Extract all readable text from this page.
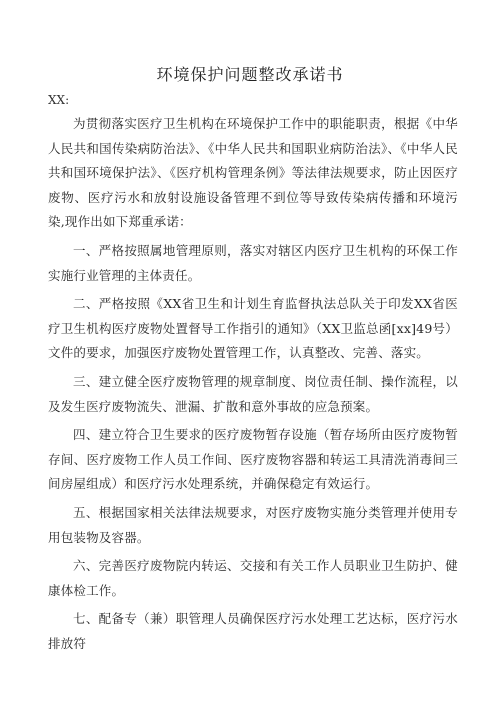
环境保护问题整改承诺书
XX:

为贯彻落实医疗卫生机构在环境保护工作中的职能职责，根据《中华人民共和国传染病防治法》、《中华人民共和国职业病防治法》、《中华人民共和国环境保护法》、《医疗机构管理条例》等法律法规要求，防止因医疗废物、医疗污水和放射设施设备管理不到位等导致传染病传播和环境污染,现作出如下郑重承诺：

一、严格按照属地管理原则，落实对辖区内医疗卫生机构的环保工作实施行业管理的主体责任。

二、严格按照《XX省卫生和计划生育监督执法总队关于印发XX省医疗卫生机构医疗废物处置督导工作指引的通知》（XX卫监总函[xx]49号）文件的要求，加强医疗废物处置管理工作，认真整改、完善、落实。

三、建立健全医疗废物管理的规章制度、岗位责任制、操作流程，以及发生医疗废物流失、泄漏、扩散和意外事故的应急预案。

四、建立符合卫生要求的医疗废物暂存设施（暂存场所由医疗废物暂存间、医疗废物工作人员工作间、医疗废物容器和转运工具清洗消毒间三间房屋组成）和医疗污水处理系统，并确保稳定有效运行。

五、根据国家相关法律法规要求，对医疗废物实施分类管理并使用专用包装物及容器。

六、完善医疗废物院内转运、交接和有关工作人员职业卫生防护、健康体检工作。

七、配备专（兼）职管理人员确保医疗污水处理工艺达标，医疗污水排放符
